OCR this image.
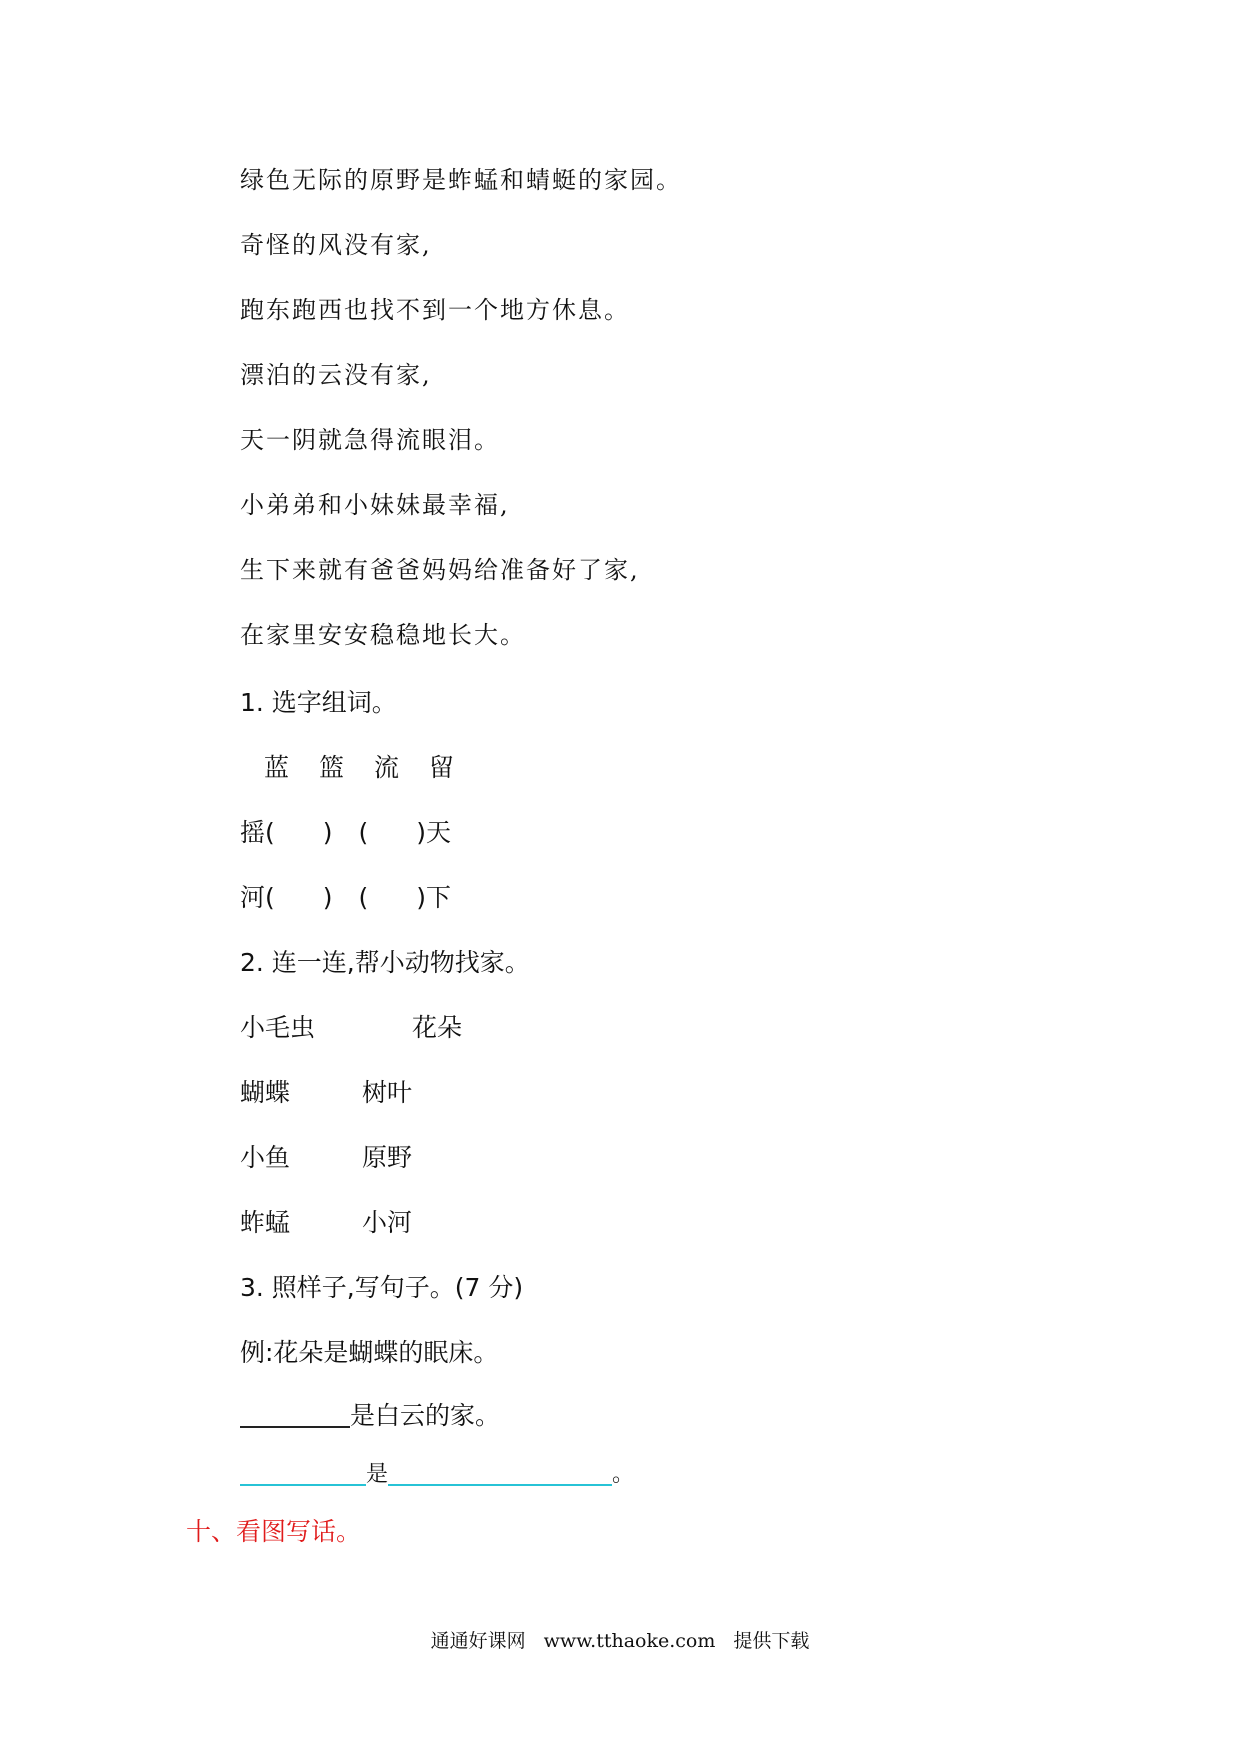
绿色无际的原野是蚱蜢和蜻蜓的家园。
奇怪的风没有家,
跑东跑西也找不到一个地方休息。
漂泊的云没有家,
天一阴就急得流眼泪。
小弟弟和小妹妹最幸福,
生下来就有爸爸妈妈给准备好了家,
在家里安安稳稳地长大。
1. 选字组词。
蓝 篮 流 留
摇( ) ( )天
河( ) ( )下
2. 连一连,帮小动物找家。
小毛虫	花朵
蝴蝶	树叶
小鱼	原野
蚱蜢	小河
3. 照样子,写句子。(7 分)
例:花朵是蝴蝶的眠床。
是白云的家。
是	。
十、看图写话。
通通好课网 www.tthaoke.com 提供下载
